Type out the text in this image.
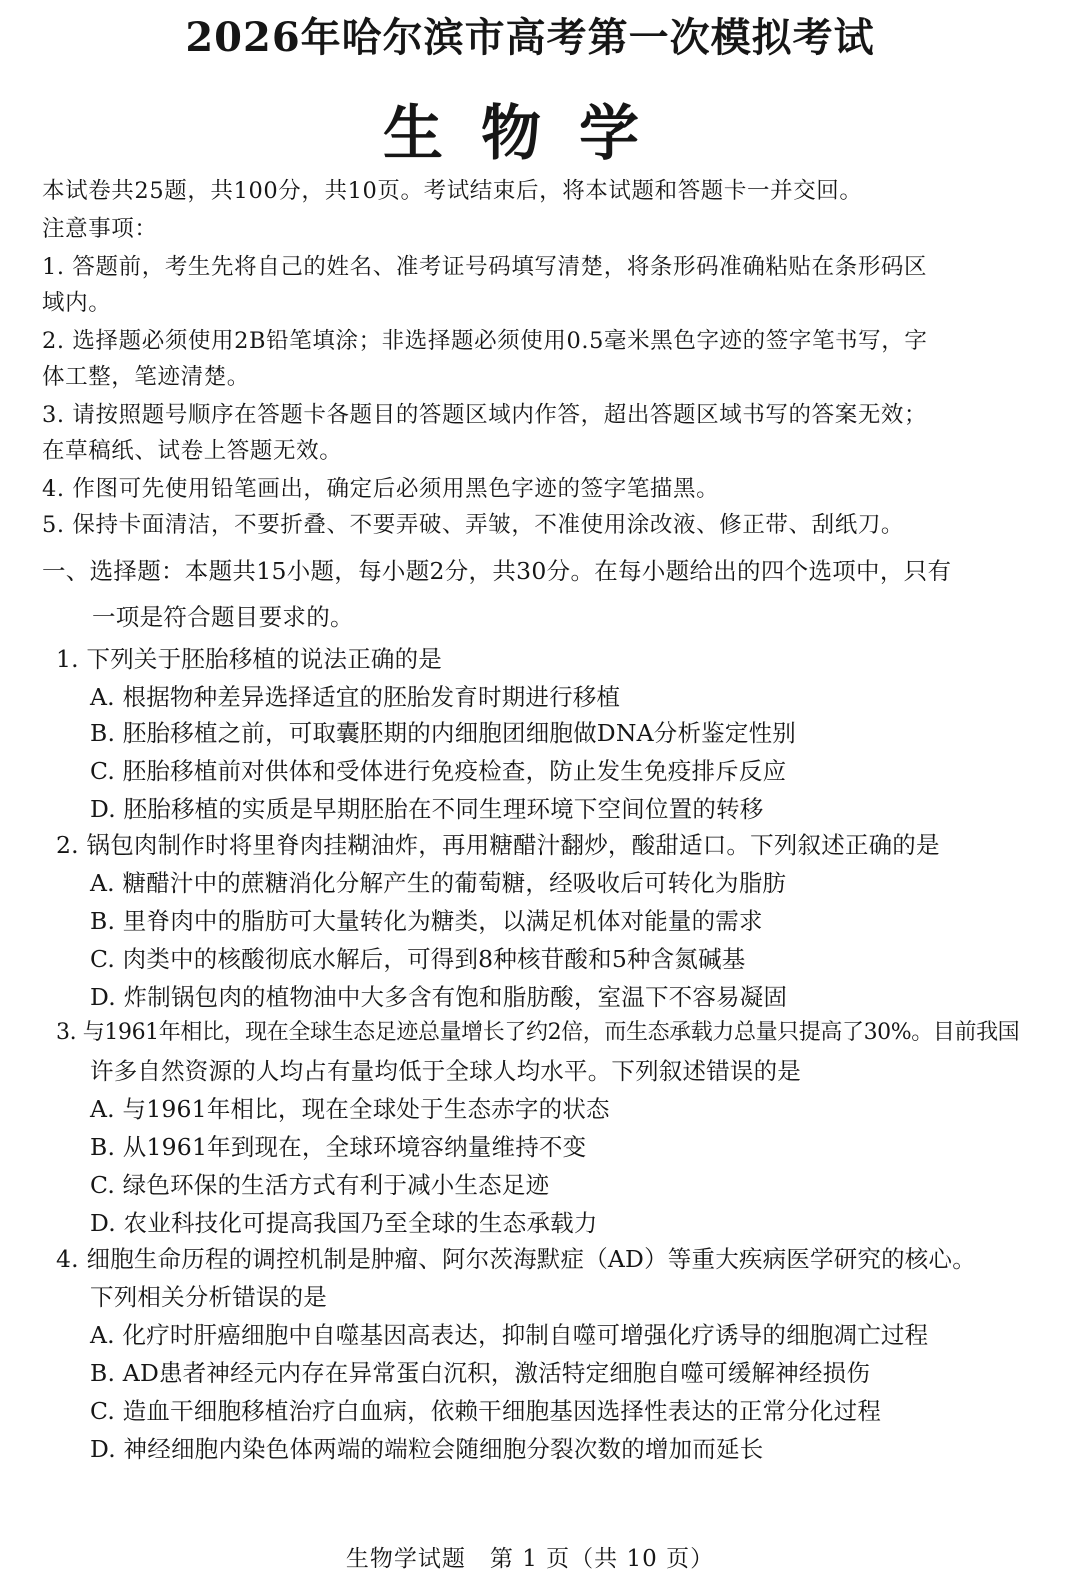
2026年哈尔滨市高考第一次模拟考试
生物学
本试卷共25题，共100分，共10页。考试结束后，将本试题和答题卡一并交回。
注意事项：
1. 答题前，考生先将自己的姓名、准考证号码填写清楚，将条形码准确粘贴在条形码区
域内。
2. 选择题必须使用2B铅笔填涂；非选择题必须使用0.5毫米黑色字迹的签字笔书写，字
体工整，笔迹清楚。
3. 请按照题号顺序在答题卡各题目的答题区域内作答，超出答题区域书写的答案无效；
在草稿纸、试卷上答题无效。
4. 作图可先使用铅笔画出，确定后必须用黑色字迹的签字笔描黑。
5. 保持卡面清洁，不要折叠、不要弄破、弄皱，不准使用涂改液、修正带、刮纸刀。
一、选择题：本题共15小题，每小题2分，共30分。在每小题给出的四个选项中，只有
一项是符合题目要求的。
1. 下列关于胚胎移植的说法正确的是
A. 根据物种差异选择适宜的胚胎发育时期进行移植
B. 胚胎移植之前，可取囊胚期的内细胞团细胞做DNA分析鉴定性别
C. 胚胎移植前对供体和受体进行免疫检查，防止发生免疫排斥反应
D. 胚胎移植的实质是早期胚胎在不同生理环境下空间位置的转移
2. 锅包肉制作时将里脊肉挂糊油炸，再用糖醋汁翻炒，酸甜适口。下列叙述正确的是
A. 糖醋汁中的蔗糖消化分解产生的葡萄糖，经吸收后可转化为脂肪
B. 里脊肉中的脂肪可大量转化为糖类，以满足机体对能量的需求
C. 肉类中的核酸彻底水解后，可得到8种核苷酸和5种含氮碱基
D. 炸制锅包肉的植物油中大多含有饱和脂肪酸，室温下不容易凝固
3. 与1961年相比，现在全球生态足迹总量增长了约2倍，而生态承载力总量只提高了30%。目前我国
许多自然资源的人均占有量均低于全球人均水平。下列叙述错误的是
A. 与1961年相比，现在全球处于生态赤字的状态
B. 从1961年到现在，全球环境容纳量维持不变
C. 绿色环保的生活方式有利于减小生态足迹
D. 农业科技化可提高我国乃至全球的生态承载力
4. 细胞生命历程的调控机制是肿瘤、阿尔茨海默症（AD）等重大疾病医学研究的核心。
下列相关分析错误的是
A. 化疗时肝癌细胞中自噬基因高表达，抑制自噬可增强化疗诱导的细胞凋亡过程
B. AD患者神经元内存在异常蛋白沉积，激活特定细胞自噬可缓解神经损伤
C. 造血干细胞移植治疗白血病，依赖干细胞基因选择性表达的正常分化过程
D. 神经细胞内染色体两端的端粒会随细胞分裂次数的增加而延长
生物学试题　第 1 页（共 10 页）
